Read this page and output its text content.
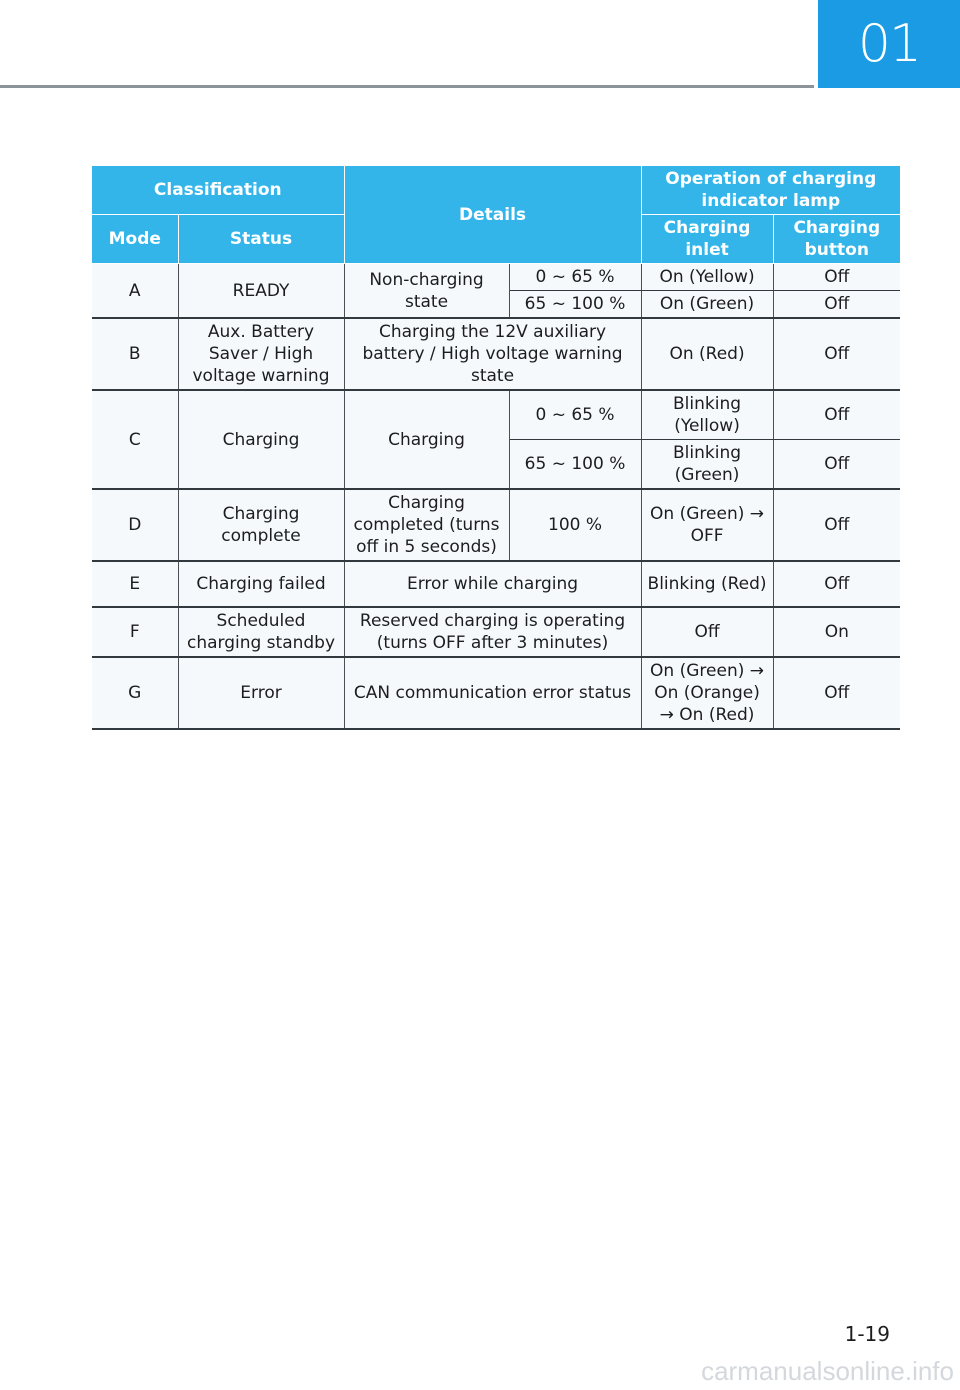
01
Classification		Details		Operation of charging indicator lamp	
Mode	Status			Charging inlet	Charging button
A	READY	Non-charging state	0 ~ 65 %	On (Yellow)	Off
			65 ~ 100 %	On (Green)	Off
B	Aux. Battery Saver / High voltage warning	Charging the 12V auxiliary battery / High voltage warning state		On (Red)	Off
C	Charging	Charging	0 ~ 65 %	Blinking (Yellow)	Off
			65 ~ 100 %	Blinking (Green)	Off
D	Charging complete	Charging completed (turns off in 5 seconds)	100 %	On (Green) → OFF	Off
E	Charging failed	Error while charging		Blinking (Red)	Off
F	Scheduled charging standby	Reserved charging is operating (turns OFF after 3 minutes)		Off	On
G	Error	CAN communication error status		On (Green) → On (Orange) → On (Red)	Off
1-19
carmanualsonline.info
